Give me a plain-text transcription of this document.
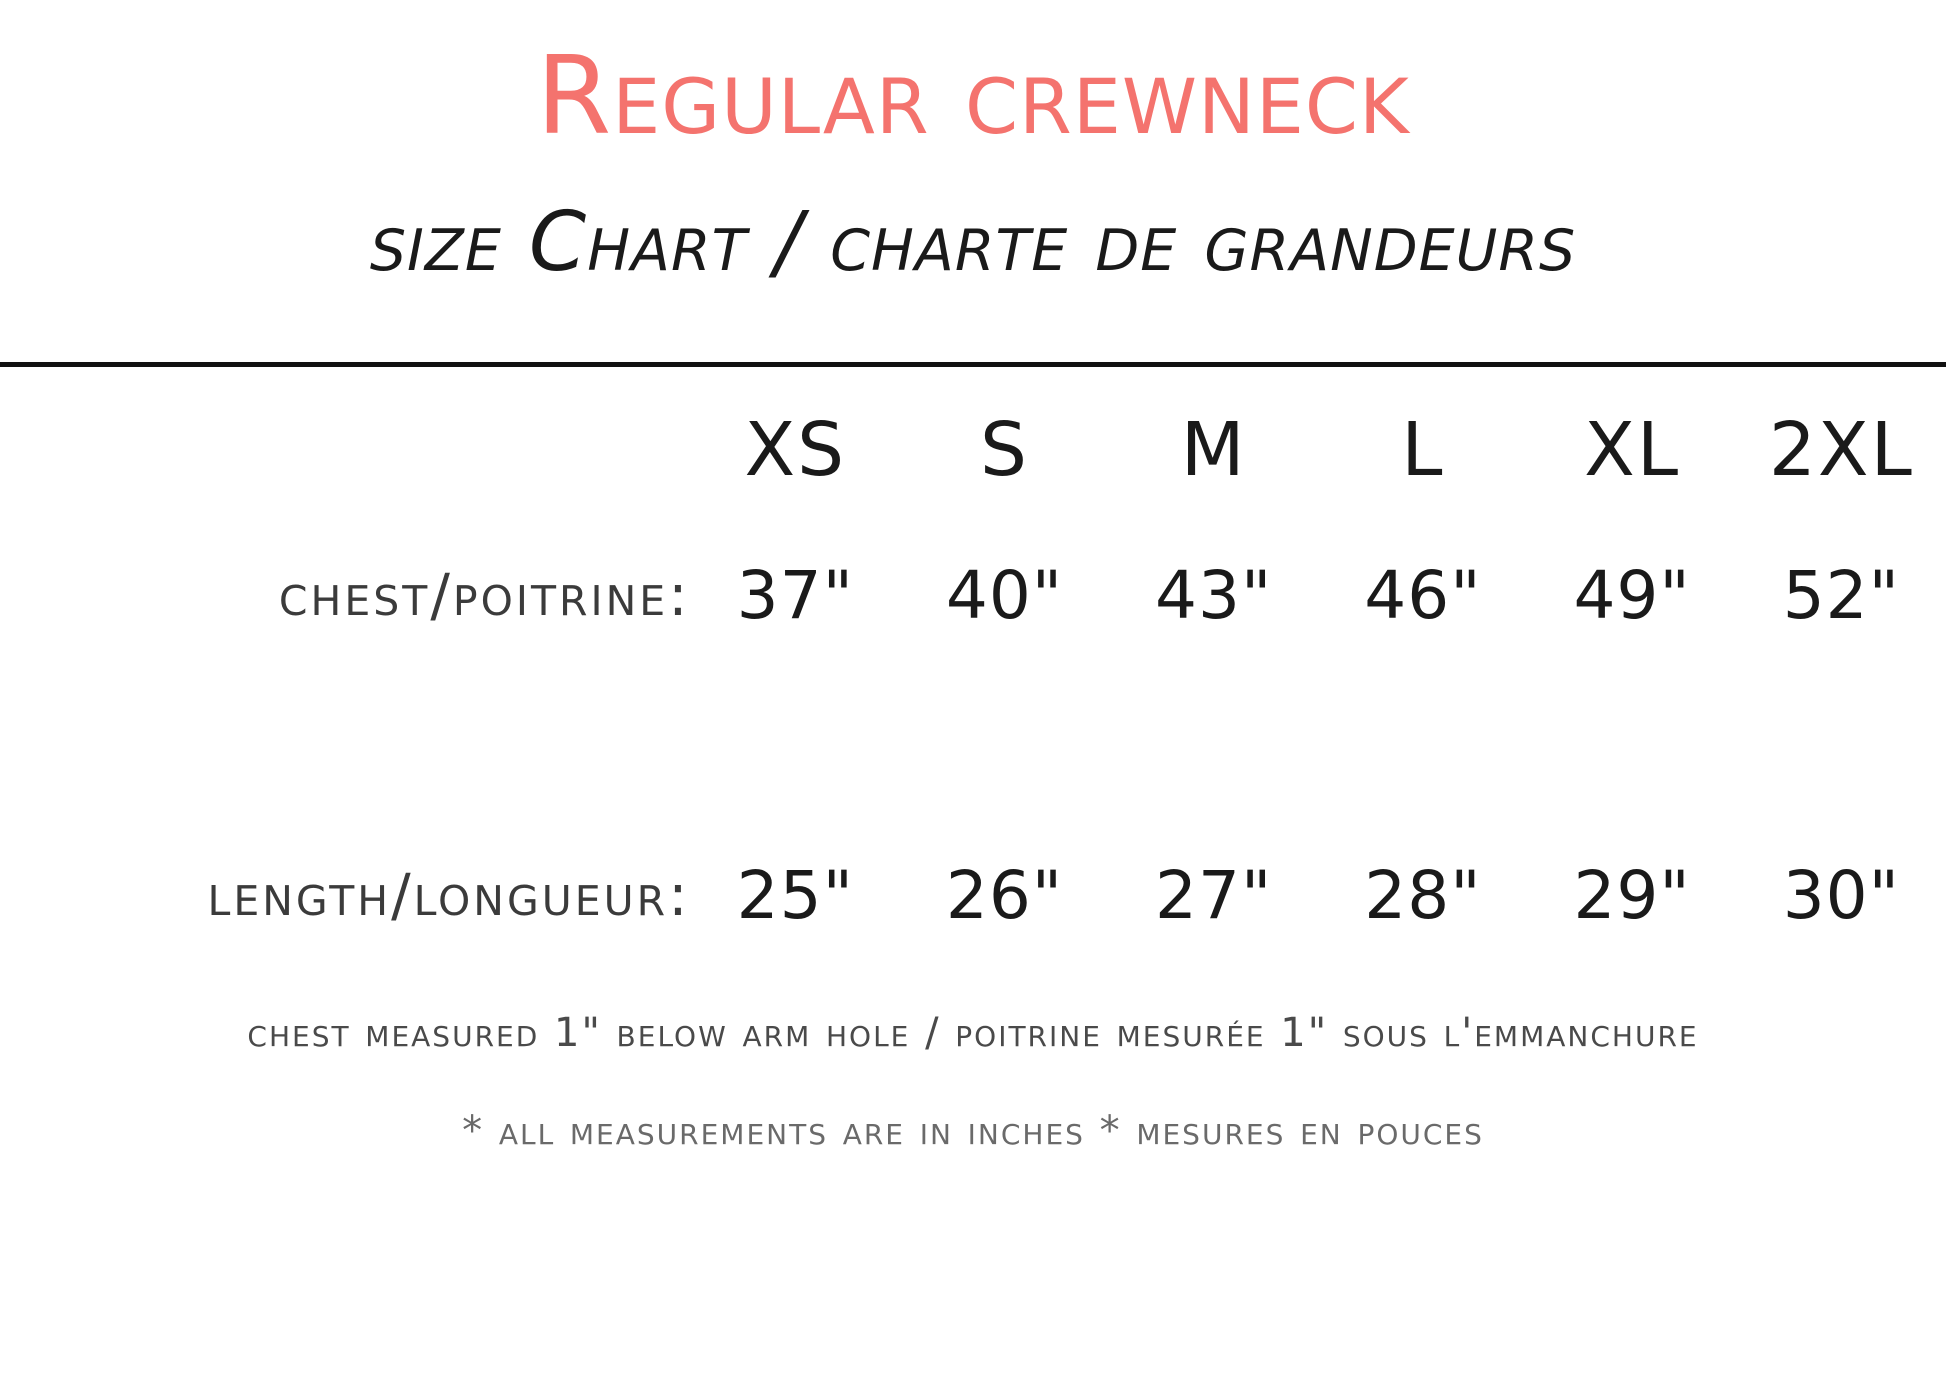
Regular crewneck
size Chart / charte de grandeurs
	XS	S	M	L	XL	2XL
chest/poitrine:	37"	40"	43"	46"	49"	52"
length/longueur:	25"	26"	27"	28"	29"	30"
chest measured 1" below arm hole / poitrine mesurée 1" sous l'emmanchure
* all measurements are in inches * mesures en pouces
